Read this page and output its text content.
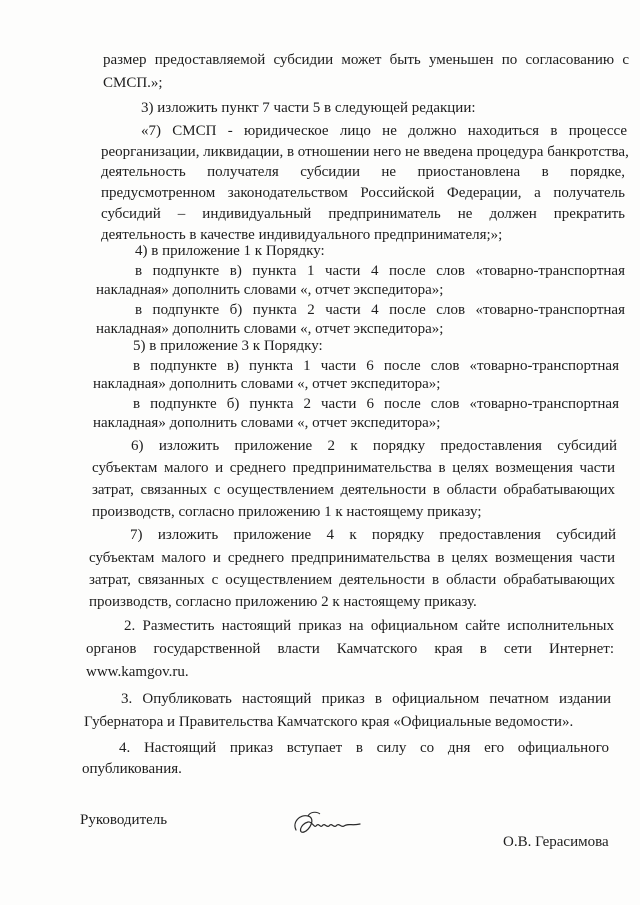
размер предоставляемой субсидии может быть уменьшен по согласованию с

СМСП.»;

3) изложить пункт 7 части 5 в следующей редакции:

«7) СМСП - юридическое лицо не должно находиться в процессе

реорганизации, ликвидации, в отношении него не введена процедура банкротства,

деятельность получателя субсидии не приостановлена в порядке,

предусмотренном законодательством Российской Федерации, а получатель

субсидий – индивидуальный предприниматель не должен прекратить

деятельность в качестве индивидуального предпринимателя;»;

4) в приложение 1 к Порядку:

в подпункте в) пункта 1 части 4 после слов «товарно-транспортная

накладная» дополнить словами «, отчет экспедитора»;

в подпункте б) пункта 2 части 4 после слов «товарно-транспортная

накладная» дополнить словами «, отчет экспедитора»;

5) в приложение 3 к Порядку:

в подпункте в) пункта 1 части 6 после слов «товарно-транспортная

накладная» дополнить словами «, отчет экспедитора»;

в подпункте б) пункта 2 части 6 после слов «товарно-транспортная

накладная» дополнить словами «, отчет экспедитора»;

6) изложить приложение 2 к порядку предоставления субсидий

субъектам малого и среднего предпринимательства в целях возмещения части

затрат, связанных с осуществлением деятельности в области обрабатывающих

производств, согласно приложению 1 к настоящему приказу;

7) изложить приложение 4 к порядку предоставления субсидий

субъектам малого и среднего предпринимательства в целях возмещения части

затрат, связанных с осуществлением деятельности в области обрабатывающих

производств, согласно приложению 2 к настоящему приказу.

2. Разместить настоящий приказ на официальном сайте исполнительных

органов государственной власти Камчатского края в сети Интернет:

www.kamgov.ru.

3. Опубликовать настоящий приказ в официальном печатном издании

Губернатора и Правительства Камчатского края «Официальные ведомости».

4. Настоящий приказ вступает в силу со дня его официального

опубликования.

Руководитель
О.В. Герасимова
